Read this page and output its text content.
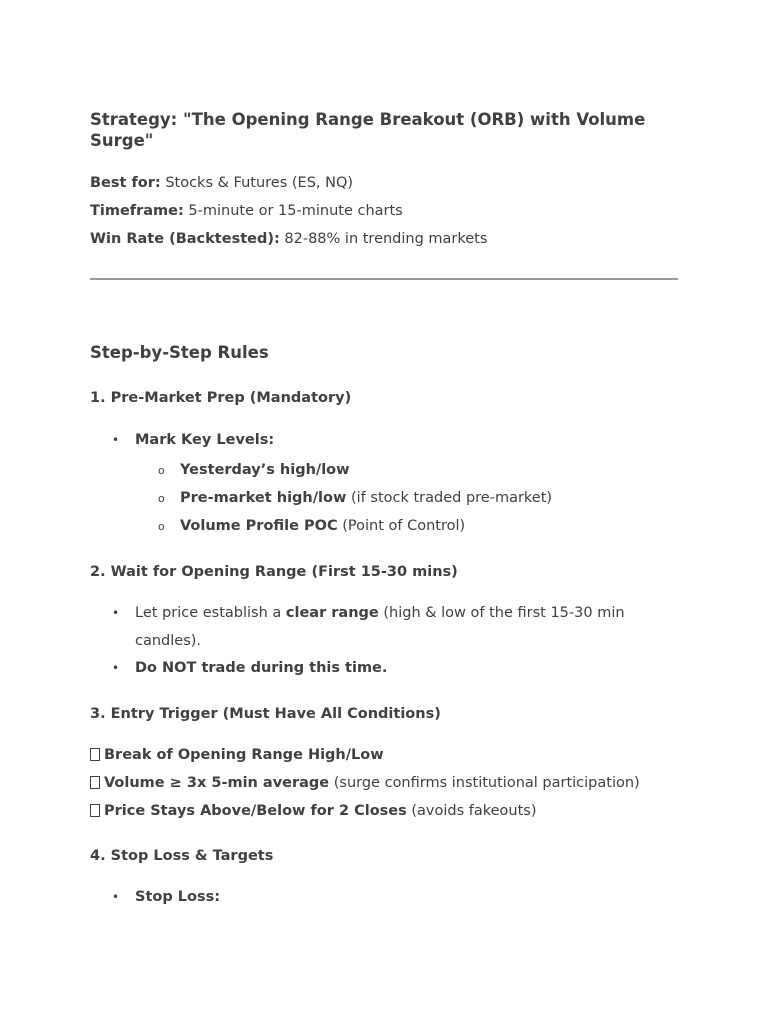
Strategy: "The Opening Range Breakout (ORB) with Volume Surge"
Best for: Stocks & Futures (ES, NQ)
Timeframe: 5-minute or 15-minute charts
Win Rate (Backtested): 82-88% in trending markets
Step-by-Step Rules
1. Pre-Market Prep (Mandatory)
• Mark Key Levels:
o Yesterday’s high/low
o Pre-market high/low (if stock traded pre-market)
o Volume Profile POC (Point of Control)
2. Wait for Opening Range (First 15-30 mins)
• Let price establish a clear range (high & low of the first 15-30 min
candles).
• Do NOT trade during this time.
3. Entry Trigger (Must Have All Conditions)
Break of Opening Range High/Low
Volume ≥ 3x 5-min average (surge confirms institutional participation)
Price Stays Above/Below for 2 Closes (avoids fakeouts)
4. Stop Loss & Targets
• Stop Loss:
